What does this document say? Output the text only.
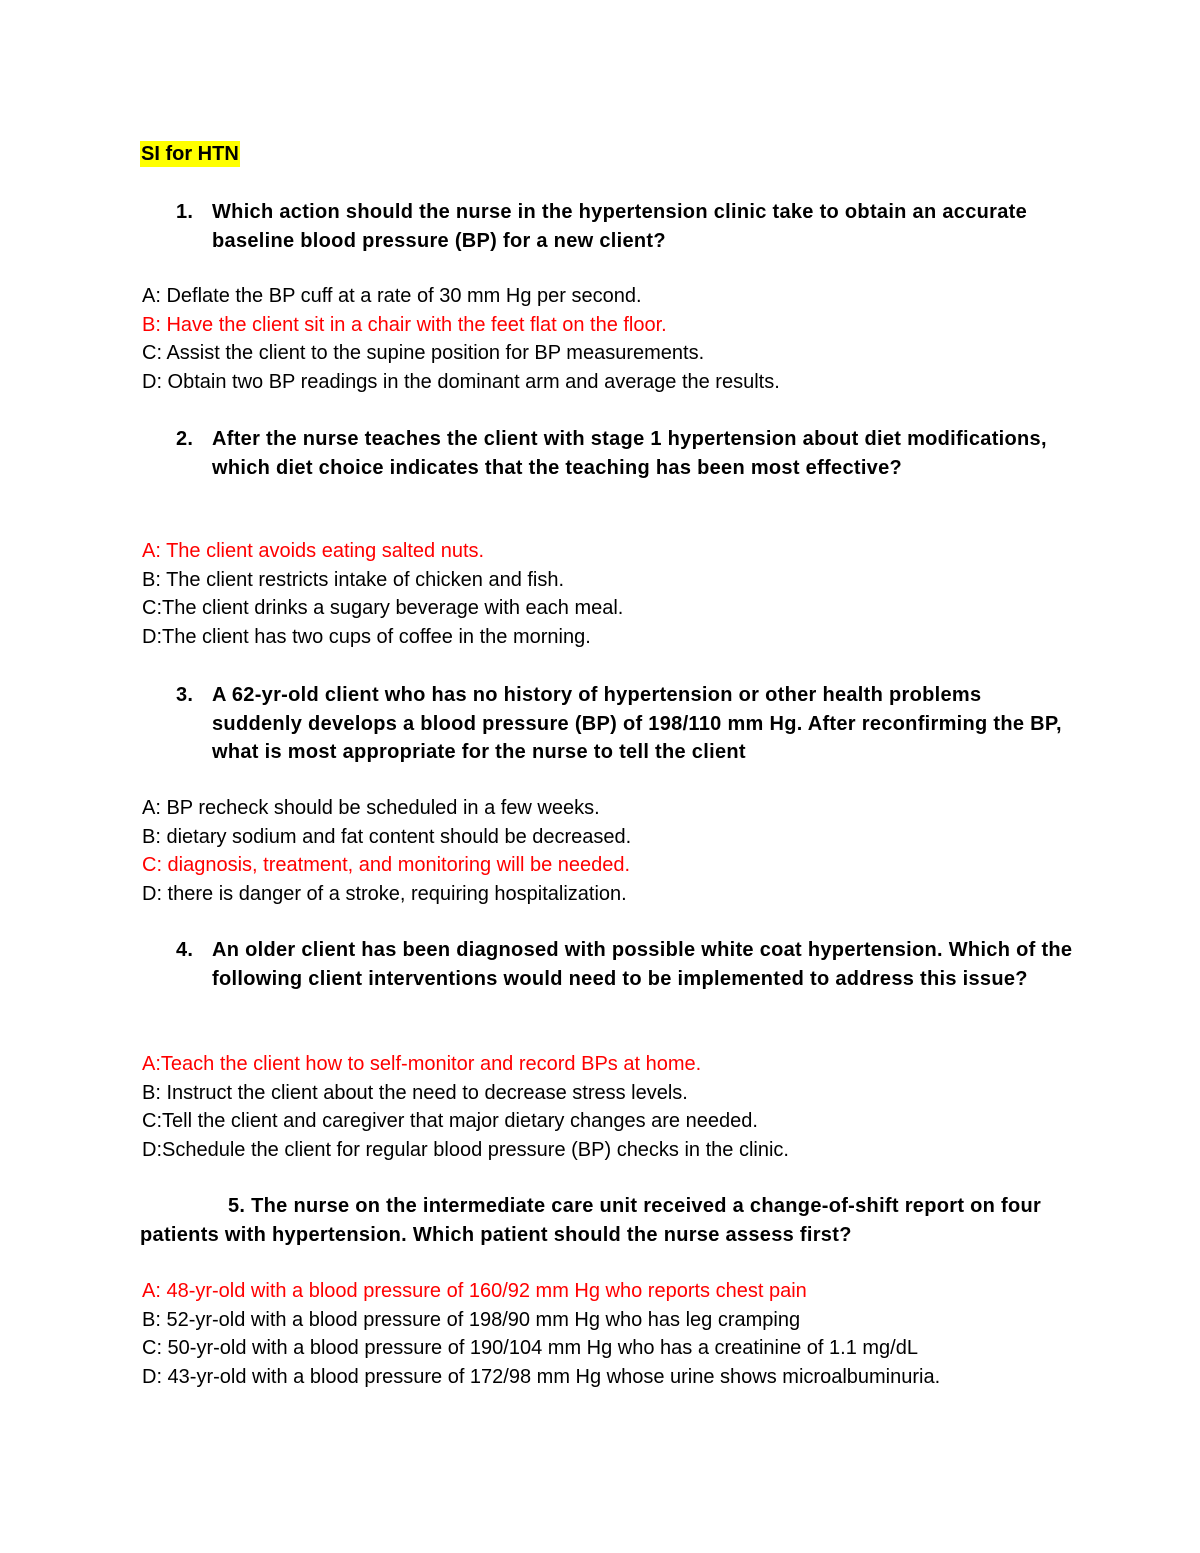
SI for HTN
1. Which action should the nurse in the hypertension clinic take to obtain an accurate baseline blood pressure (BP) for a new client?
A: Deflate the BP cuff at a rate of 30 mm Hg per second.
B: Have the client sit in a chair with the feet flat on the floor.
C: Assist the client to the supine position for BP measurements.
D: Obtain two BP readings in the dominant arm and average the results.
2. After the nurse teaches the client with stage 1 hypertension about diet modifications, which diet choice indicates that the teaching has been most effective?
A: The client avoids eating salted nuts.
B: The client restricts intake of chicken and fish.
C:The client drinks a sugary beverage with each meal.
D:The client has two cups of coffee in the morning.
3. A 62-yr-old client who has no history of hypertension or other health problems suddenly develops a blood pressure (BP) of 198/110 mm Hg. After reconfirming the BP, what is most appropriate for the nurse to tell the client
A: BP recheck should be scheduled in a few weeks.
B: dietary sodium and fat content should be decreased.
C: diagnosis, treatment, and monitoring will be needed.
D: there is danger of a stroke, requiring hospitalization.
4. An older client has been diagnosed with possible white coat hypertension. Which of the following client interventions would need to be implemented to address this issue?
A:Teach the client how to self-monitor and record BPs at home.
B: Instruct the client about the need to decrease stress levels.
C:Tell the client and caregiver that major dietary changes are needed.
D:Schedule the client for regular blood pressure (BP) checks in the clinic.
5. The nurse on the intermediate care unit received a change-of-shift report on four patients with hypertension. Which patient should the nurse assess first?
A: 48-yr-old with a blood pressure of 160/92 mm Hg who reports chest pain
B: 52-yr-old with a blood pressure of 198/90 mm Hg who has leg cramping
C: 50-yr-old with a blood pressure of 190/104 mm Hg who has a creatinine of 1.1 mg/dL
D: 43-yr-old with a blood pressure of 172/98 mm Hg whose urine shows microalbuminuria.
